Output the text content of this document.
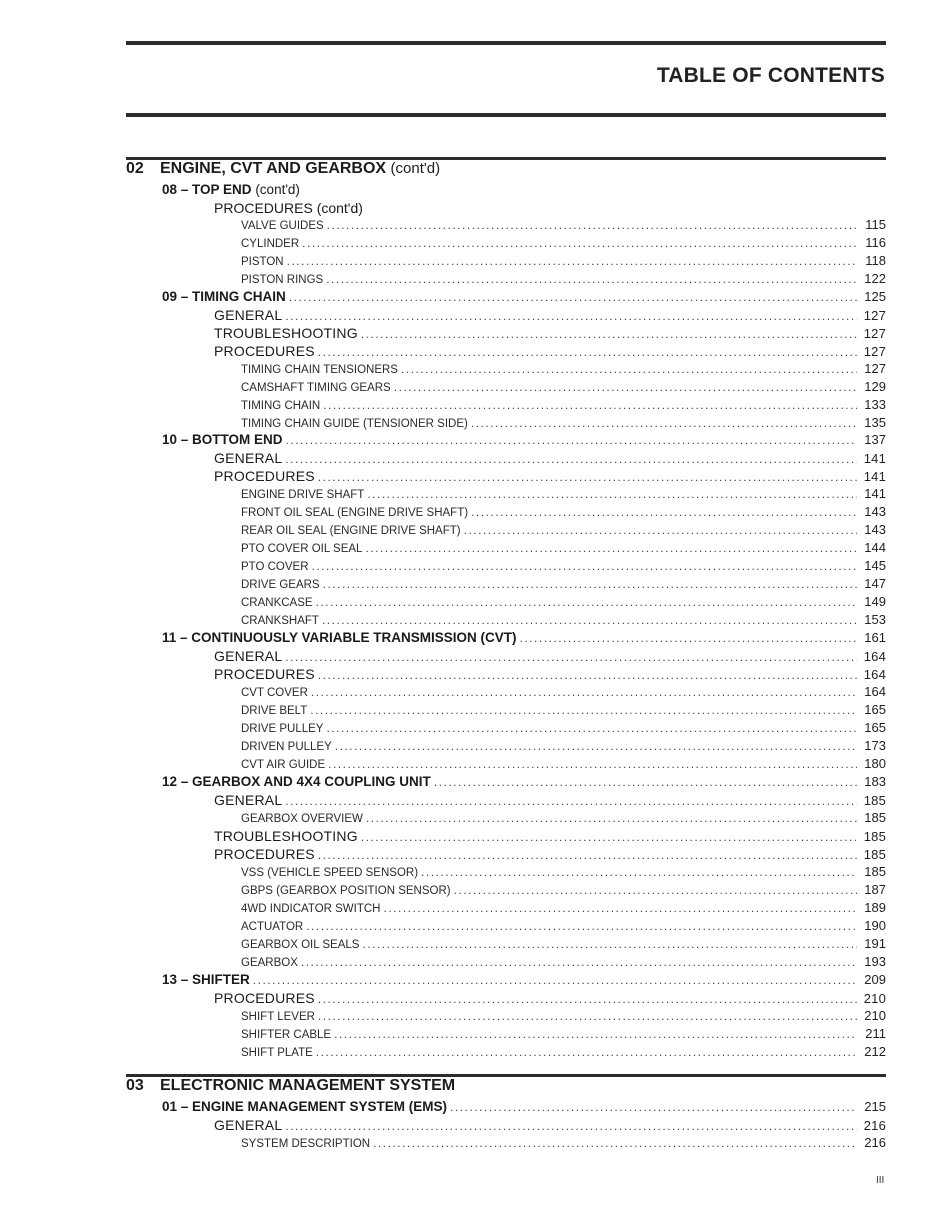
TABLE OF CONTENTS
02 ENGINE, CVT AND GEARBOX (cont'd)
08 – TOP END (cont'd)
PROCEDURES (cont'd)
VALVE GUIDES .....	115
CYLINDER .....	116
PISTON .....	118
PISTON RINGS .....	122
09 – TIMING CHAIN .....	125
GENERAL .....	127
TROUBLESHOOTING .....	127
PROCEDURES .....	127
TIMING CHAIN TENSIONERS .....	127
CAMSHAFT TIMING GEARS .....	129
TIMING CHAIN .....	133
TIMING CHAIN GUIDE (TENSIONER SIDE) .....	135
10 – BOTTOM END .....	137
GENERAL .....	141
PROCEDURES .....	141
ENGINE DRIVE SHAFT .....	141
FRONT OIL SEAL (ENGINE DRIVE SHAFT) .....	143
REAR OIL SEAL (ENGINE DRIVE SHAFT) .....	143
PTO COVER OIL SEAL .....	144
PTO COVER .....	145
DRIVE GEARS .....	147
CRANKCASE .....	149
CRANKSHAFT .....	153
11 – CONTINUOUSLY VARIABLE TRANSMISSION (CVT) .....	161
GENERAL .....	164
PROCEDURES .....	164
CVT COVER .....	164
DRIVE BELT .....	165
DRIVE PULLEY .....	165
DRIVEN PULLEY .....	173
CVT AIR GUIDE .....	180
12 – GEARBOX AND 4X4 COUPLING UNIT .....	183
GENERAL .....	185
GEARBOX OVERVIEW .....	185
TROUBLESHOOTING .....	185
PROCEDURES .....	185
VSS (VEHICLE SPEED SENSOR) .....	185
GBPS (GEARBOX POSITION SENSOR) .....	187
4WD INDICATOR SWITCH .....	189
ACTUATOR .....	190
GEARBOX OIL SEALS .....	191
GEARBOX .....	193
13 – SHIFTER .....	209
PROCEDURES .....	210
SHIFT LEVER .....	210
SHIFTER CABLE .....	211
SHIFT PLATE .....	212
03 ELECTRONIC MANAGEMENT SYSTEM
01 – ENGINE MANAGEMENT SYSTEM (EMS) .....	215
GENERAL .....	216
SYSTEM DESCRIPTION .....	216
III
